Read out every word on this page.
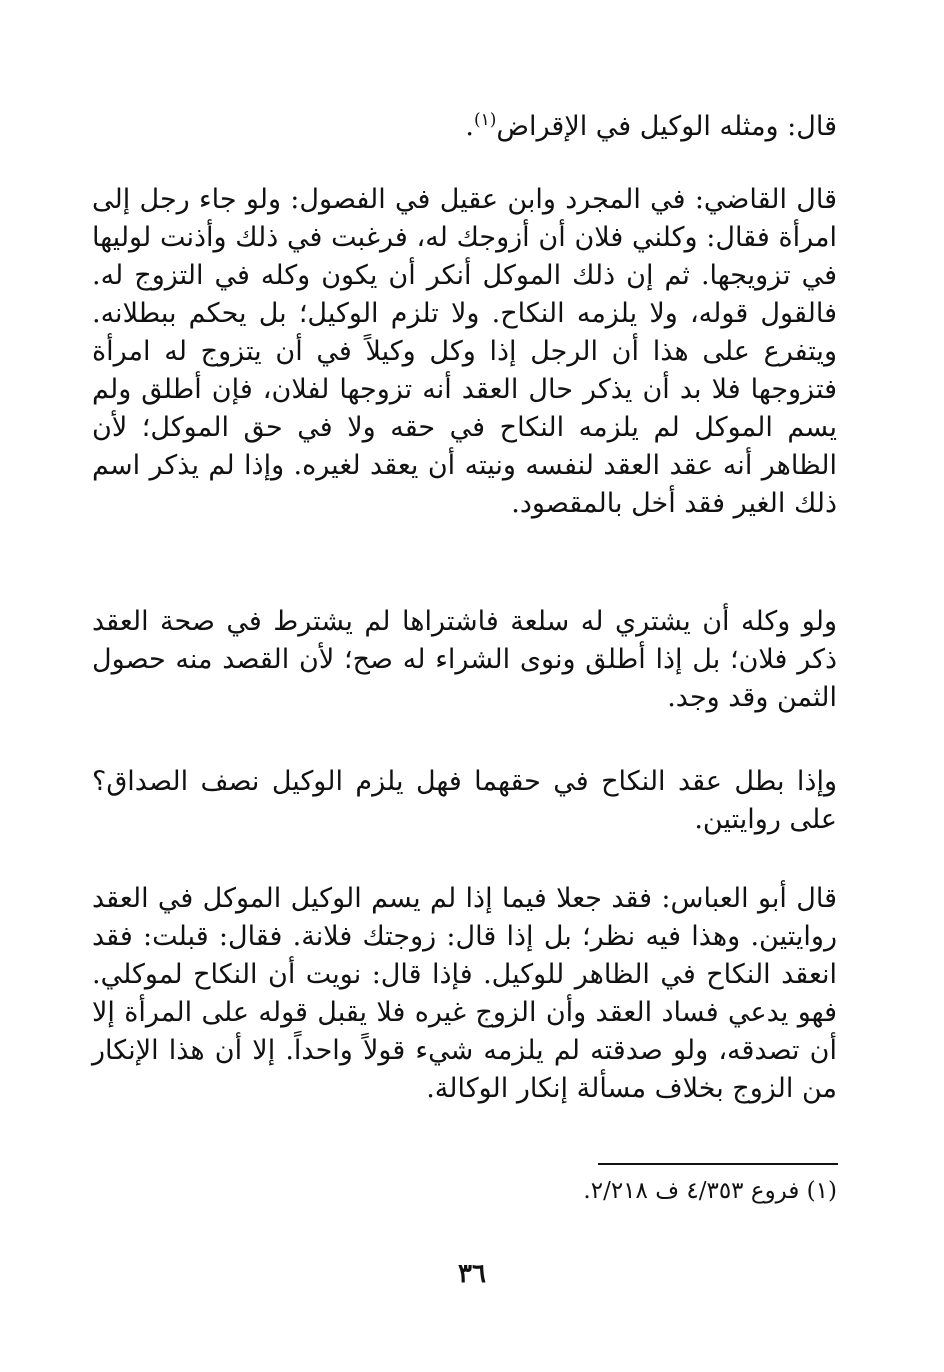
قال: ومثله الوكيل في الإقراض$^{(١)}$.

قال القاضي: في المجرد وابن عقيل في الفصول: ولو جاء رجل إلى امرأة فقال: وكلني فلان أن أزوجك له، فرغبت في ذلك وأذنت لوليها في تزويجها. ثم إن ذلك الموكل أنكر أن يكون وكله في التزوج له. فالقول قوله، ولا يلزمه النكاح. ولا تلزم الوكيل؛ بل يحكم ببطلانه. ويتفرع على هذا أن الرجل إذا وكل وكيلاً في أن يتزوج له امرأة فتزوجها فلا بد أن يذكر حال العقد أنه تزوجها لفلان، فإن أطلق ولم يسم الموكل لم يلزمه النكاح في حقه ولا في حق الموكل؛ لأن الظاهر أنه عقد العقد لنفسه ونيته أن يعقد لغيره. وإذا لم يذكر اسم ذلك الغير فقد أخل بالمقصود.

ولو وكله أن يشتري له سلعة فاشتراها لم يشترط في صحة العقد ذكر فلان؛ بل إذا أطلق ونوى الشراء له صح؛ لأن القصد منه حصول الثمن وقد وجد.

وإذا بطل عقد النكاح في حقهما فهل يلزم الوكيل نصف الصداق؟ على روايتين.

قال أبو العباس: فقد جعلا فيما إذا لم يسم الوكيل الموكل في العقد روايتين. وهذا فيه نظر؛ بل إذا قال: زوجتك فلانة. فقال: قبلت: فقد انعقد النكاح في الظاهر للوكيل. فإذا قال: نويت أن النكاح لموكلي. فهو يدعي فساد العقد وأن الزوج غيره فلا يقبل قوله على المرأة إلا أن تصدقه، ولو صدقته لم يلزمه شيء قولاً واحداً. إلا أن هذا الإنكار من الزوج بخلاف مسألة إنكار الوكالة.

(١) فروع ٤/٣٥٣ ف ٢/٢١٨.

٣٦
